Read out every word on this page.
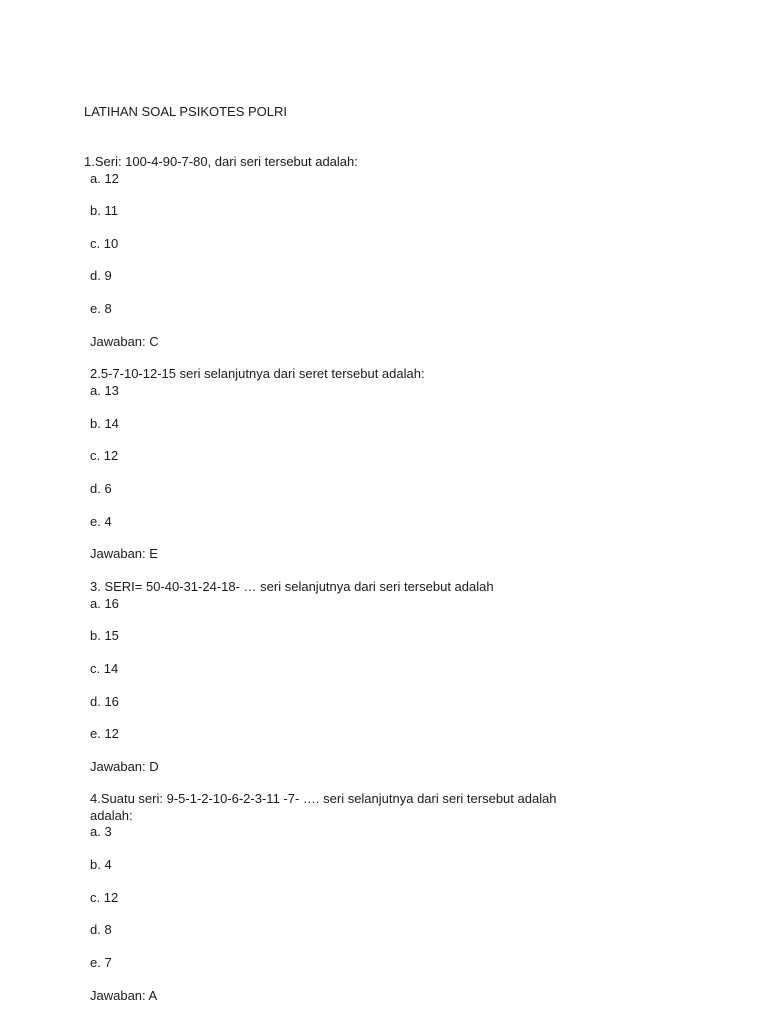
LATIHAN SOAL PSIKOTES POLRI
1.Seri: 100-4-90-7-80, dari seri tersebut adalah:
a. 12
b. 11
c. 10
d. 9
e. 8
Jawaban: C
2.5-7-10-12-15 seri selanjutnya dari seret tersebut adalah:
a. 13
b. 14
c. 12
d. 6
e. 4
Jawaban: E
3. SERI= 50-40-31-24-18- … seri selanjutnya dari seri tersebut adalah
a. 16
b. 15
c. 14
d. 16
e. 12
Jawaban: D
4.Suatu seri: 9-5-1-2-10-6-2-3-11 -7- …. seri selanjutnya dari seri tersebut adalah
adalah:
a. 3
b. 4
c. 12
d. 8
e. 7
Jawaban: A
